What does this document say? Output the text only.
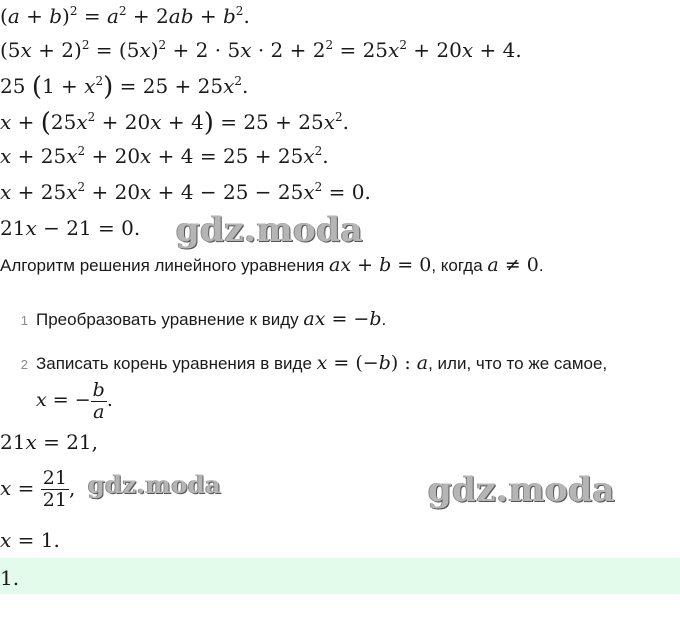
$(a + b)^2 = a^2 + 2ab + b^2$.
$(5x + 2)^2 = (5x)^2 + 2 \cdot 5x \cdot 2 + 2^2 = 25x^2 + 20x + 4$.
25 $(1 + x^2) = 25 + 25x^2$.
$x + (25x^2 + 20x + 4) = 25 + 25x^2$.
$x + 25x^2 + 20x + 4 = 25 + 25x^2$.
$x + 25x^2 + 20x + 4 - 25 - 25x^2 = 0$.
21x − 21 = 0. gdz.moda
Алгоритм решения линейного уравнения ax + b = 0, когда a ≠ 0.
1 Преобразовать уравнение к виду ax = −b.
2 Записать корень уравнения в виде x = (−b) : a, или, что то же самое,
x = − $\frac{b}{a}$ .
21x = 21,
$x = \frac{21}{21}$ , gdz.moda	gdz.moda
x = 1.
1.
